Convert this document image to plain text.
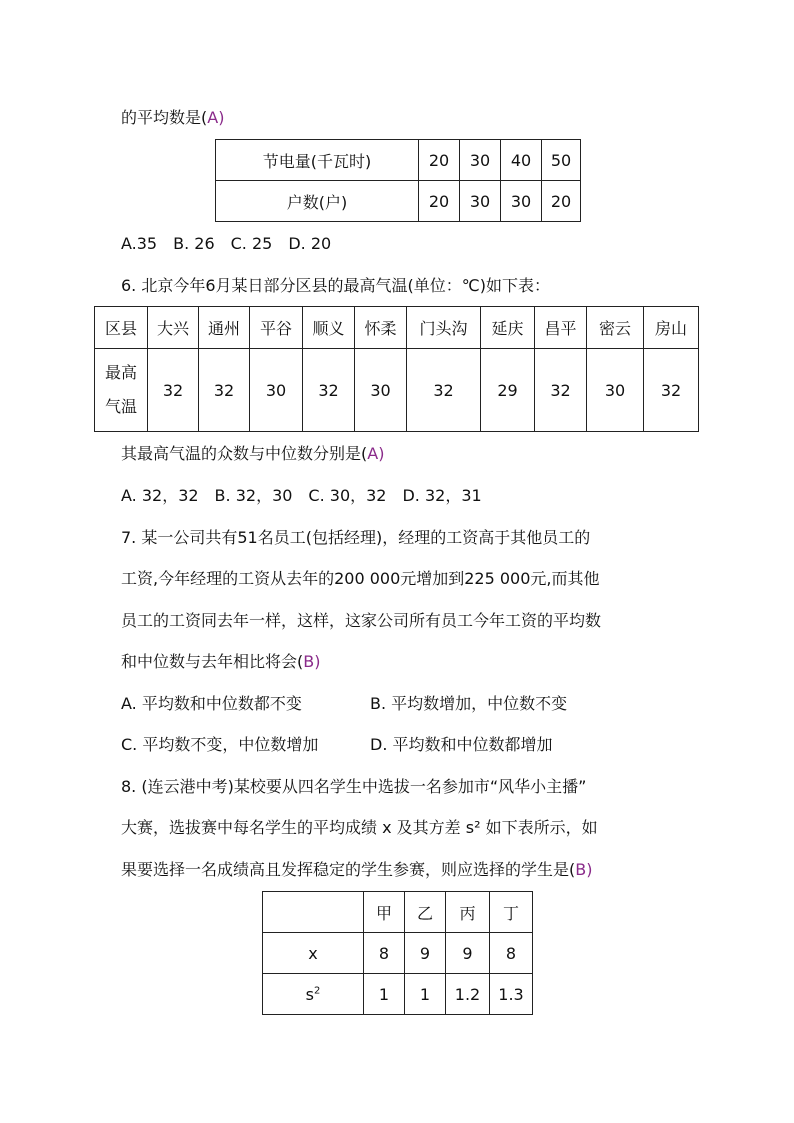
的平均数是(A)
节电量(千瓦时)	20	30	40	50
户数(户)	20	30	30	20
A.35　B. 26　C. 25　D. 20
6. 北京今年6月某日部分区县的最高气温(单位：℃)如下表：
区县	大兴	通州	平谷	顺义	怀柔	门头沟	延庆	昌平	密云	房山

最高
气温	32	32	30	32	30	32	29	32	30	32
其最高气温的众数与中位数分别是(A)
A. 32，32　B. 32，30　C. 30，32　D. 32，31
7. 某一公司共有51名员工(包括经理)，经理的工资高于其他员工的
工资,今年经理的工资从去年的200 000元增加到225 000元,而其他
员工的工资同去年一样，这样，这家公司所有员工今年工资的平均数
和中位数与去年相比将会(B)
A. 平均数和中位数都不变	B. 平均数增加，中位数不变
C. 平均数不变，中位数增加	D. 平均数和中位数都增加
8. (连云港中考)某校要从四名学生中选拔一名参加市“风华小主播”
大赛，选拔赛中每名学生的平均成绩 x 及其方差 s² 如下表所示，如
果要选择一名成绩高且发挥稳定的学生参赛，则应选择的学生是(B)
	甲	乙	丙	丁
x	8	9	9	8
$s^2$	1	1	1.2	1.3
